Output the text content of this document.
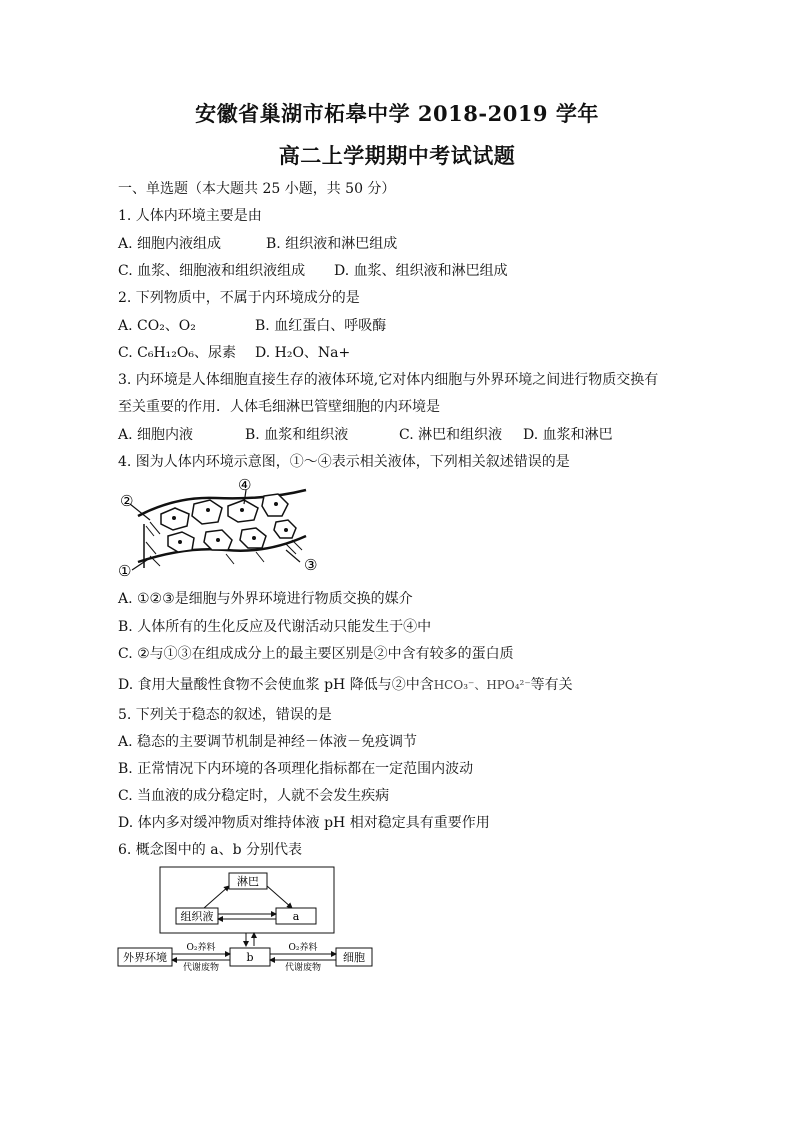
安徽省巢湖市柘皋中学 2018-2019 学年
高二上学期期中考试试题
一、单选题（本大题共 25 小题，共 50 分）
1. 人体内环境主要是由
A. 细胞内液组成	B. 组织液和淋巴组成
C. 血浆、细胞液和组织液组成 D. 血浆、组织液和淋巴组成
2. 下列物质中，不属于内环境成分的是
A. CO₂、O₂	B. 血红蛋白、呼吸酶
C. C₆H₁₂O₆、尿素 D. H₂O、Na+
3. 内环境是人体细胞直接生存的液体环境,它对体内细胞与外界环境之间进行物质交换有
至关重要的作用．人体毛细淋巴管壁细胞的内环境是
A. 细胞内液	B. 血浆和组织液	C. 淋巴和组织液 D. 血浆和淋巴
4. 图为人体内环境示意图，①～④表示相关液体，下列相关叙述错误的是
②
④
①	③
A. ①②③是细胞与外界环境进行物质交换的媒介
B. 人体所有的生化反应及代谢活动只能发生于④中
C. ②与①③在组成成分上的最主要区别是②中含有较多的蛋白质
D. 食用大量酸性食物不会使血浆 pH 降低与②中含HCO₃⁻、HPO₄²⁻等有关
5. 下列关于稳态的叙述，错误的是
A. 稳态的主要调节机制是神经－体液－免疫调节
B. 正常情况下内环境的各项理化指标都在一定范围内波动
C. 当血液的成分稳定时，人就不会发生疾病
D. 体内多对缓冲物质对维持体液 pH 相对稳定具有重要作用
6. 概念图中的 a、b 分别代表
淋巴
组织液	a
外界环境	b	细胞
O₂养料
代谢废物
O₂养料
代谢废物
